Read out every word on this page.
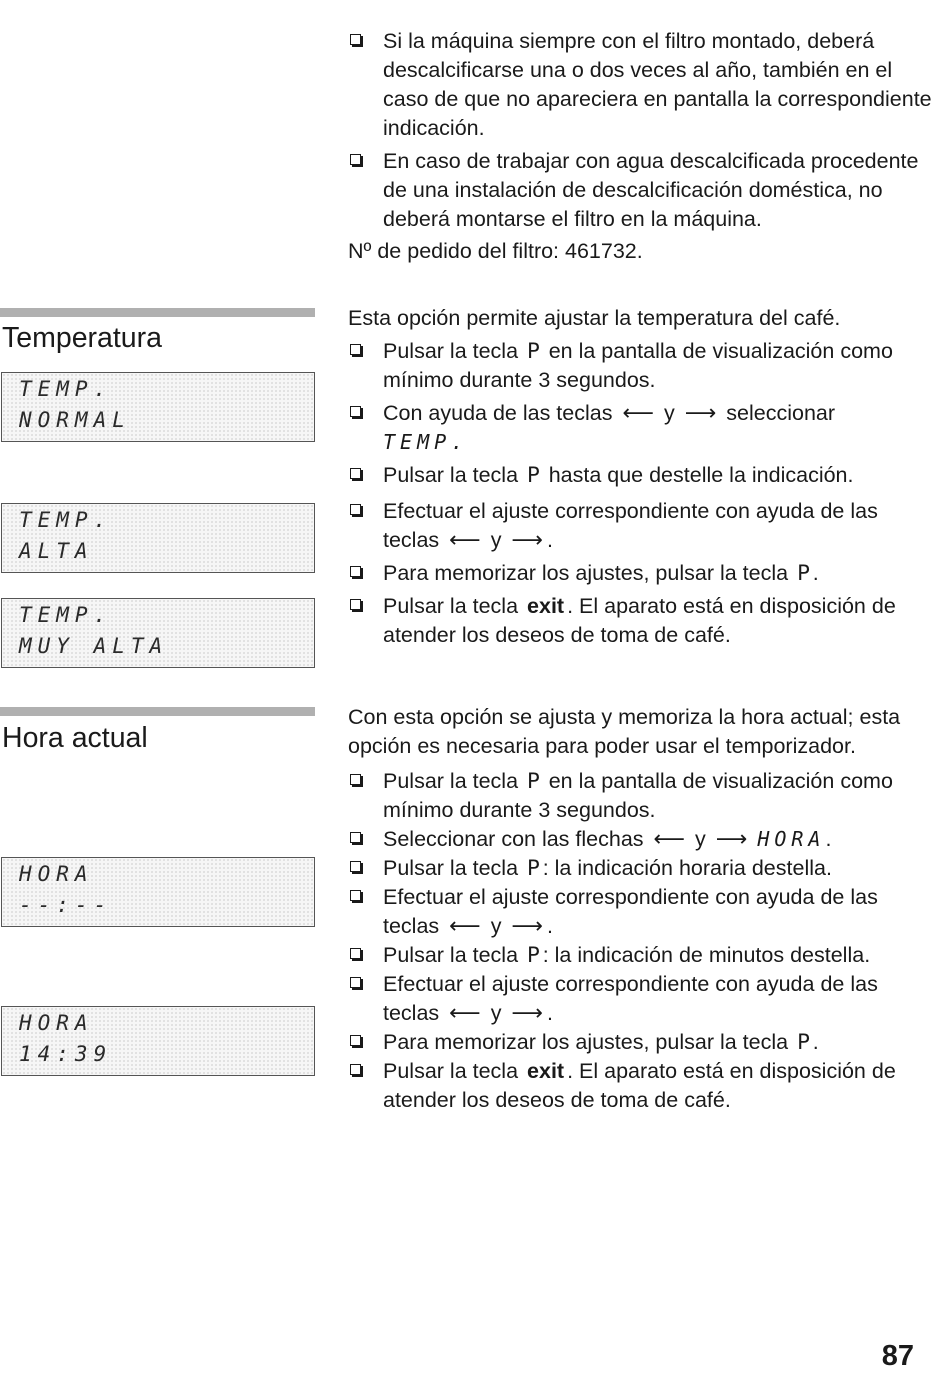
Si la máquina siempre con el filtro montado, deberá descalcificarse una o dos veces al año, también en el caso de que no apareciera en pantalla la correspondiente indicación.

En caso de trabajar con agua descalcificada procedente de una instalación de descalcificación doméstica, no deberá montarse el filtro en la máquina.

Nº de pedido del filtro: 461732.

Temperatura
TEMP.
NORMAL
TEMP.
ALTA
TEMP.
MUY ALTA

Esta opción permite ajustar la temperatura del café.

Pulsar la tecla P en la pantalla de visualización como mínimo durante 3 segundos.

Con ayuda de las teclas ⟵ y ⟶ seleccionar
TEMP.

Pulsar la tecla P hasta que destelle la indicación.

Efectuar el ajuste correspondiente con ayuda de las teclas ⟵ y ⟶ .

Para memorizar los ajustes, pulsar la tecla P .

Pulsar la tecla exit . El aparato está en disposición de atender los deseos de toma de café.

Hora actual
HORA
--:--
HORA
14:39

Con esta opción se ajusta y memoriza la hora actual; esta opción es necesaria para poder usar el temporizador.

Pulsar la tecla P en la pantalla de visualización como mínimo durante 3 segundos.

Seleccionar con las flechas ⟵ y ⟶ HORA.

Pulsar la tecla P : la indicación horaria destella.

Efectuar el ajuste correspondiente con ayuda de las teclas ⟵ y ⟶ .

Pulsar la tecla P : la indicación de minutos destella.

Efectuar el ajuste correspondiente con ayuda de las teclas ⟵ y ⟶ .

Para memorizar los ajustes, pulsar la tecla P .

Pulsar la tecla exit . El aparato está en disposición de atender los deseos de toma de café.

87
